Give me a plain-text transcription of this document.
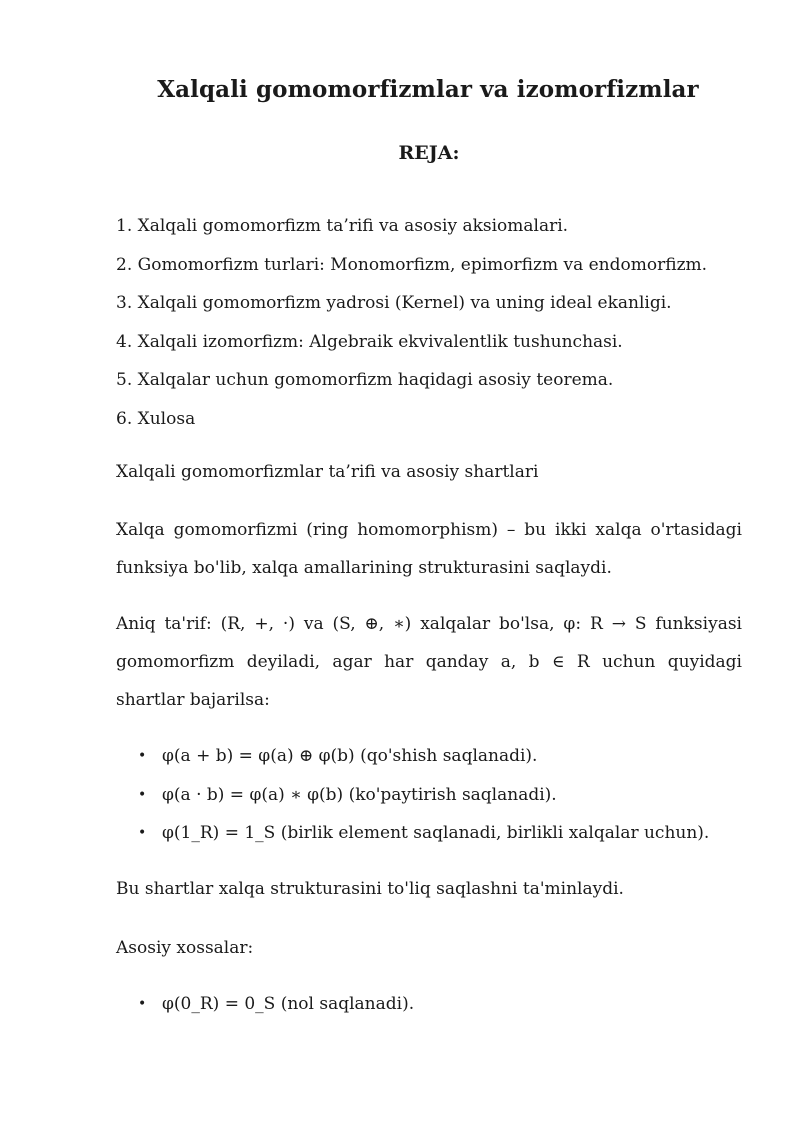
Xalqali gomomorfizmlar va izomorfizmlar
REJA:
1. Xalqali gomomorfizm ta’rifi va asosiy aksiomalari.
2. Gomomorfizm turlari: Monomorfizm, epimorfizm va endomorfizm.
3. Xalqali gomomorfizm yadrosi (Kernel) va uning ideal ekanligi.
4. Xalqali izomorfizm: Algebraik ekvivalentlik tushunchasi.
5. Xalqalar uchun gomomorfizm haqidagi asosiy teorema.
6. Xulosa

Xalqali gomomorfizmlar ta’rifi va asosiy shartlari

Xalqa gomomorfizmi (ring homomorphism) – bu ikki xalqa o'rtasidagi funksiya bo'lib, xalqa amallarining strukturasini saqlaydi.

Aniq ta'rif: (R, +, ·) va (S, ⊕, ∗) xalqalar bo'lsa, φ: R → S funksiyasi gomomorfizm deyiladi, agar har qanday a, b ∈ R uchun quyidagi shartlar bajarilsa:

• φ(a + b) = φ(a) ⊕ φ(b) (qo'shish saqlanadi).
• φ(a · b) = φ(a) ∗ φ(b) (ko'paytirish saqlanadi).
• φ(1_R) = 1_S (birlik element saqlanadi, birlikli xalqalar uchun).

Bu shartlar xalqa strukturasini to'liq saqlashni ta'minlaydi.

Asosiy xossalar:

• φ(0_R) = 0_S (nol saqlanadi).
